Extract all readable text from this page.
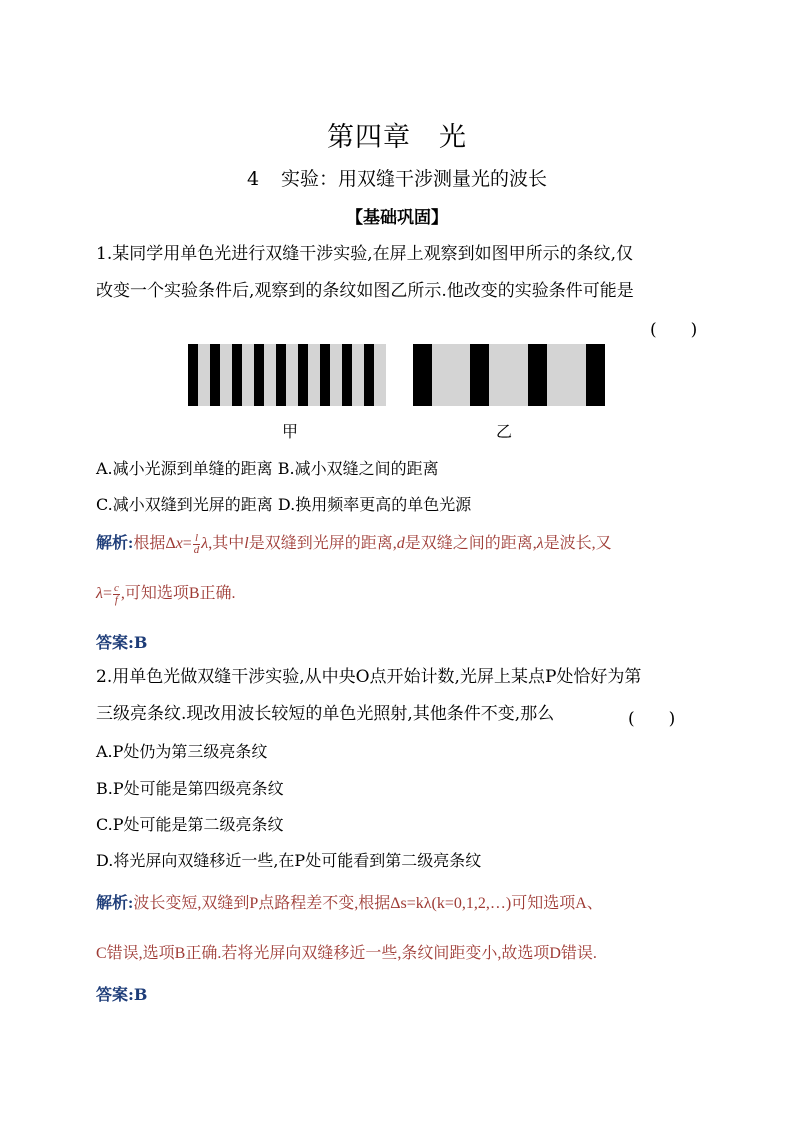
第四章　光
4 实验：用双缝干涉测量光的波长
【基础巩固】
1.某同学用单色光进行双缝干涉实验,在屏上观察到如图甲所示的条纹,仅
改变一个实验条件后,观察到的条纹如图乙所示.他改变的实验条件可能是
(　　)
甲	乙
A.减小光源到单缝的距离 B.减小双缝之间的距离
C.减小双缝到光屏的距离 D.换用频率更高的单色光源
解析:根据$\Delta x= \frac{l}{d} \lambda$,其中l是双缝到光屏的距离,d是双缝之间的距离,λ是波长,又
$\lambda= \frac{c}{f}$ ,可知选项B正确.
答案:B
2.用单色光做双缝干涉实验,从中央O点开始计数,光屏上某点P处恰好为第
三级亮条纹.现改用波长较短的单色光照射,其他条件不变,那么	(　　)
A.P处仍为第三级亮条纹
B.P处可能是第四级亮条纹
C.P处可能是第二级亮条纹
D.将光屏向双缝移近一些,在P处可能看到第二级亮条纹
解析:波长变短,双缝到P点路程差不变,根据Δs=kλ(k=0,1,2,…)可知选项A、
C错误,选项B正确.若将光屏向双缝移近一些,条纹间距变小,故选项D错误.
答案:B
